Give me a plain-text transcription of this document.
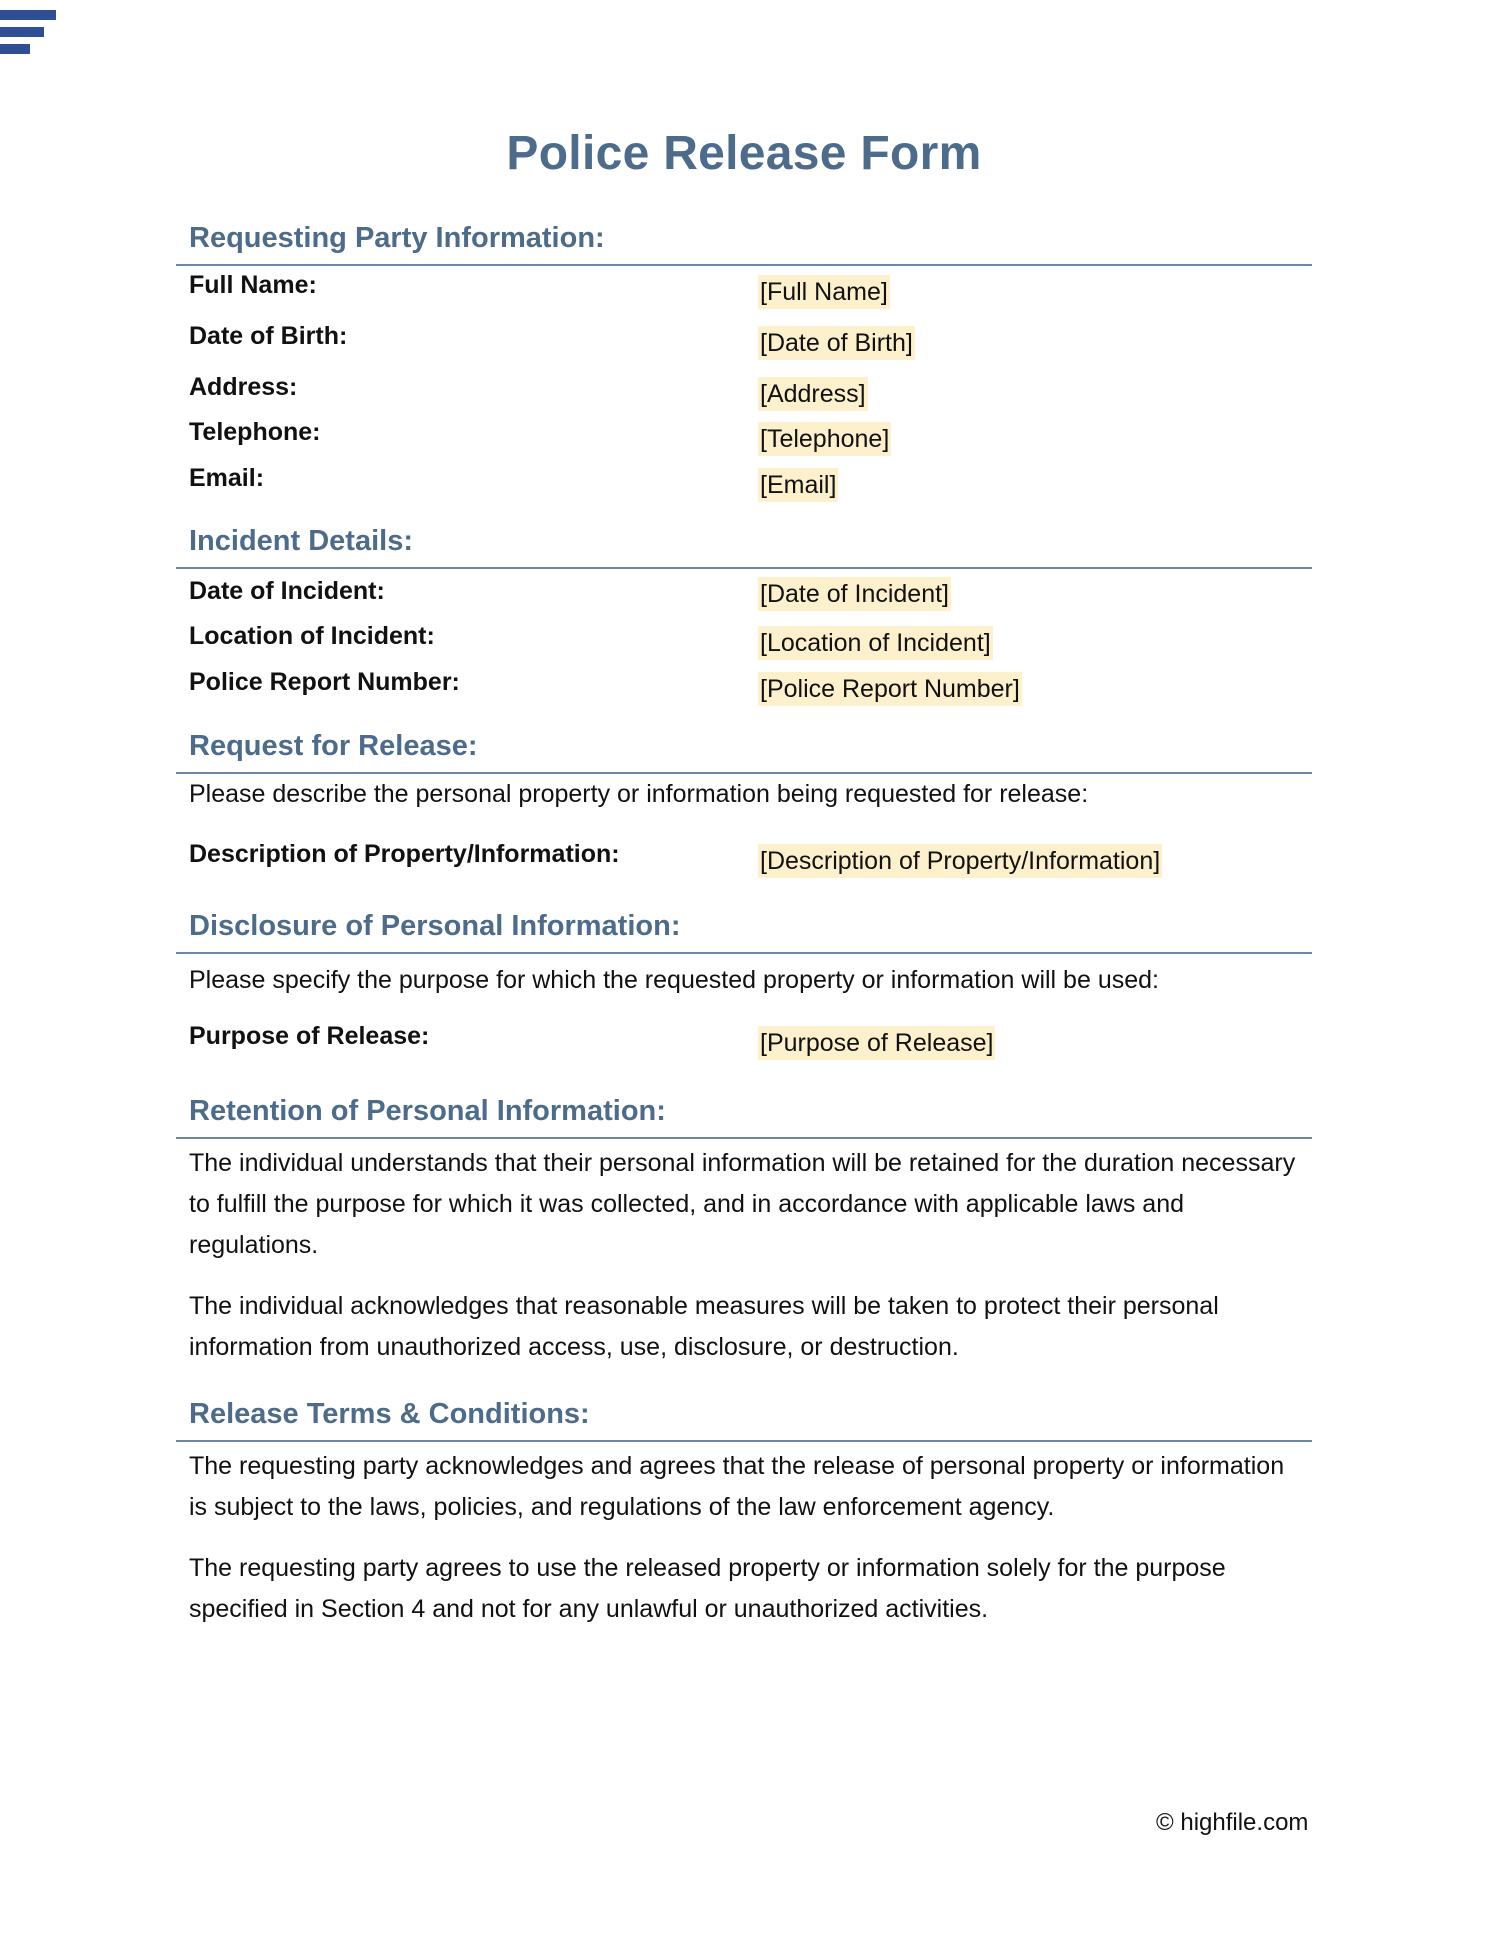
Police Release Form
Requesting Party Information:
Full Name:	[Full Name]
Date of Birth:	[Date of Birth]
Address:	[Address]
Telephone:	[Telephone]
Email:	[Email]
Incident Details:
Date of Incident:	[Date of Incident]
Location of Incident:	[Location of Incident]
Police Report Number:	[Police Report Number]
Request for Release:
Please describe the personal property or information being requested for release:
Description of Property/Information:	[Description of Property/Information]
Disclosure of Personal Information:
Please specify the purpose for which the requested property or information will be used:
Purpose of Release:	[Purpose of Release]
Retention of Personal Information:
The individual understands that their personal information will be retained for the duration necessary to fulfill the purpose for which it was collected, and in accordance with applicable laws and regulations.
The individual acknowledges that reasonable measures will be taken to protect their personal information from unauthorized access, use, disclosure, or destruction.
Release Terms & Conditions:
The requesting party acknowledges and agrees that the release of personal property or information is subject to the laws, policies, and regulations of the law enforcement agency.
The requesting party agrees to use the released property or information solely for the purpose specified in Section 4 and not for any unlawful or unauthorized activities.
© highfile.com
